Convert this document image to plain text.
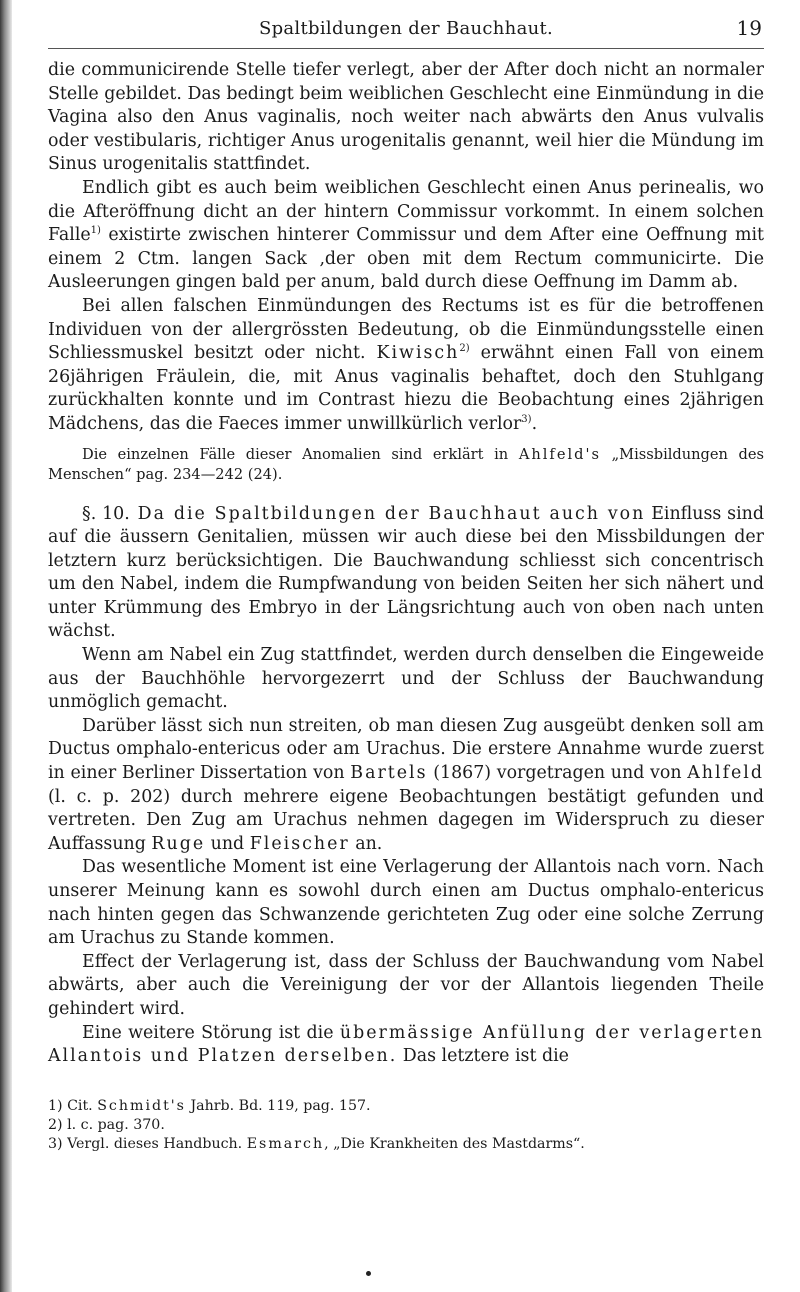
Spaltbildungen der Bauchhaut.	19

die communicirende Stelle tiefer verlegt, aber der After doch nicht an normaler Stelle gebildet. Das bedingt beim weiblichen Geschlecht eine Einmündung in die Vagina also den Anus vaginalis, noch weiter nach abwärts den Anus vulvalis oder vestibularis, richtiger Anus urogenitalis genannt, weil hier die Mündung im Sinus urogenitalis stattfindet.

Endlich gibt es auch beim weiblichen Geschlecht einen Anus perinealis, wo die Afteröffnung dicht an der hintern Commissur vorkommt. In einem solchen Falle$^{1)}$ existirte zwischen hinterer Commissur und dem After eine Oeffnung mit einem 2 Ctm. langen Sack ‚der oben mit dem Rectum communicirte. Die Ausleerungen gingen bald per anum, bald durch diese Oeffnung im Damm ab.

Bei allen falschen Einmündungen des Rectums ist es für die betroffenen Individuen von der allergrössten Bedeutung, ob die Einmündungsstelle einen Schliessmuskel besitzt oder nicht. Kiwisch$^{2)}$ erwähnt einen Fall von einem 26jährigen Fräulein, die, mit Anus vaginalis behaftet, doch den Stuhlgang zurückhalten konnte und im Contrast hiezu die Beobachtung eines 2jährigen Mädchens, das die Faeces immer unwillkürlich verlor$^{3)}$.

Die einzelnen Fälle dieser Anomalien sind erklärt in Ahlfeld's „Missbildungen des Menschen“ pag. 234—242 (24).

§. 10. Da die Spaltbildungen der Bauchhaut auch von Einfluss sind auf die äussern Genitalien, müssen wir auch diese bei den Missbildungen der letztern kurz berücksichtigen. Die Bauchwandung schliesst sich concentrisch um den Nabel, indem die Rumpfwandung von beiden Seiten her sich nähert und unter Krümmung des Embryo in der Längsrichtung auch von oben nach unten wächst.

Wenn am Nabel ein Zug stattfindet, werden durch denselben die Eingeweide aus der Bauchhöhle hervorgezerrt und der Schluss der Bauchwandung unmöglich gemacht.

Darüber lässt sich nun streiten, ob man diesen Zug ausgeübt denken soll am Ductus omphalo-entericus oder am Urachus. Die erstere Annahme wurde zuerst in einer Berliner Dissertation von Bartels (1867) vorgetragen und von Ahlfeld (l. c. p. 202) durch mehrere eigene Beobachtungen bestätigt gefunden und vertreten. Den Zug am Urachus nehmen dagegen im Widerspruch zu dieser Auffassung Ruge und Fleischer an.

Das wesentliche Moment ist eine Verlagerung der Allantois nach vorn. Nach unserer Meinung kann es sowohl durch einen am Ductus omphalo-entericus nach hinten gegen das Schwanzende gerichteten Zug oder eine solche Zerrung am Urachus zu Stande kommen.

Effect der Verlagerung ist, dass der Schluss der Bauchwandung vom Nabel abwärts, aber auch die Vereinigung der vor der Allantois liegenden Theile gehindert wird.

Eine weitere Störung ist die übermässige Anfüllung der verlagerten Allantois und Platzen derselben. Das letztere ist die

1) Cit. Schmidt's Jahrb. Bd. 119, pag. 157.
2) l. c. pag. 370.
3) Vergl. dieses Handbuch. Esmarch, „Die Krankheiten des Mastdarms“.
